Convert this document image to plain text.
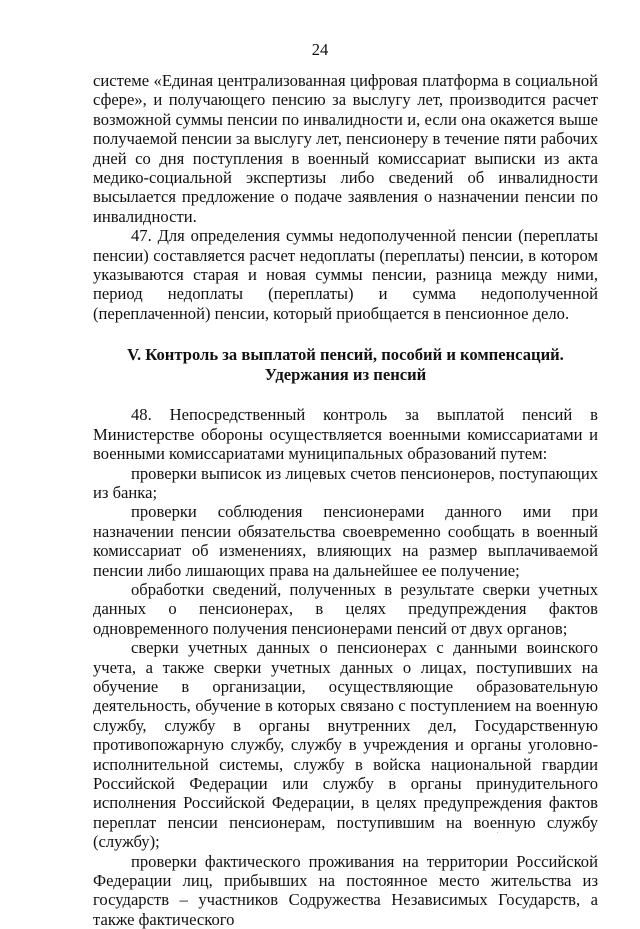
24

системе «Единая централизованная цифровая платформа в социальной сфере», и получающего пенсию за выслугу лет, производится расчет возможной суммы пенсии по инвалидности и, если она окажется выше получаемой пенсии за выслугу лет, пенсионеру в течение пяти рабочих дней со дня поступления в военный комиссариат выписки из акта медико-социальной экспертизы либо сведений об инвалидности высылается предложение о подаче заявления о назначении пенсии по инвалидности.

47. Для определения суммы недополученной пенсии (переплаты пенсии) составляется расчет недоплаты (переплаты) пенсии, в котором указываются старая и новая суммы пенсии, разница между ними, период недоплаты (переплаты) и сумма недополученной (переплаченной) пенсии, который приобщается в пенсионное дело.

V. Контроль за выплатой пенсий, пособий и компенсаций.

Удержания из пенсий

48. Непосредственный контроль за выплатой пенсий в Министерстве обороны осуществляется военными комиссариатами и военными комиссариатами муниципальных образований путем:

проверки выписок из лицевых счетов пенсионеров, поступающих из банка;

проверки соблюдения пенсионерами данного ими при назначении пенсии обязательства своевременно сообщать в военный комиссариат об изменениях, влияющих на размер выплачиваемой пенсии либо лишающих права на дальнейшее ее получение;

обработки сведений, полученных в результате сверки учетных данных о пенсионерах, в целях предупреждения фактов одновременного получения пенсионерами пенсий от двух органов;

сверки учетных данных о пенсионерах с данными воинского учета, а также сверки учетных данных о лицах, поступивших на обучение в организации, осуществляющие образовательную деятельность, обучение в которых связано с поступлением на военную службу, службу в органы внутренних дел, Государственную противопожарную службу, службу в учреждения и органы уголовно-исполнительной системы, службу в войска национальной гвардии Российской Федерации или службу в органы принудительного исполнения Российской Федерации, в целях предупреждения фактов переплат пенсии пенсионерам, поступившим на военную службу (службу);

проверки фактического проживания на территории Российской Федерации лиц, прибывших на постоянное место жительства из государств – участников Содружества Независимых Государств, а также фактического
